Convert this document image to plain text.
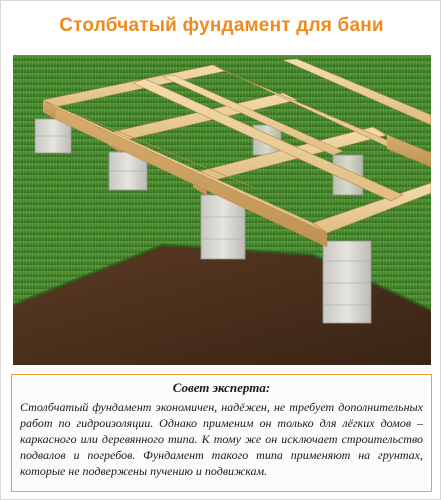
Столбчатый фундамент для бани
Совет эксперта:
Столбчатый фундамент экономичен, надёжен, не требует дополнительных работ по гидроизоляции. Однако применим он только для лёгких домов – каркасного или деревянного типа. К тому же он исключает строительство подвалов и погребов. Фундамент такого типа применяют на грунтах, которые не подвержены пучению и подвижкам.
